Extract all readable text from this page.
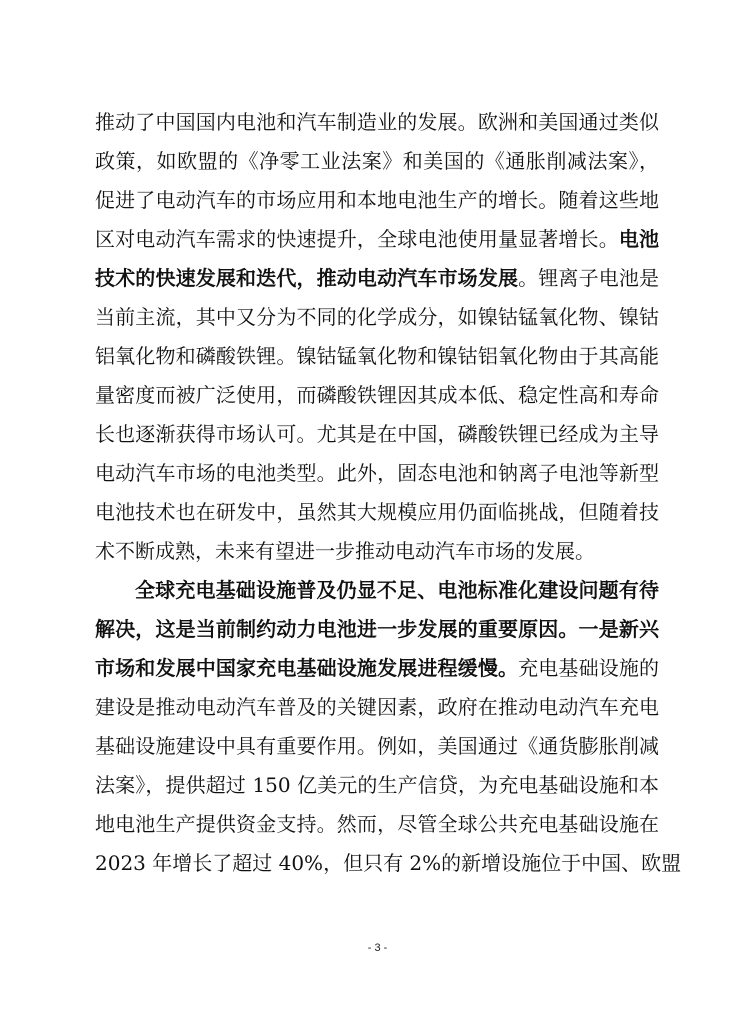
推动了中国国内电池和汽车制造业的发展。欧洲和美国通过类似
政策，如欧盟的《净零工业法案》和美国的《通胀削减法案》，
促进了电动汽车的市场应用和本地电池生产的增长。随着这些地
区对电动汽车需求的快速提升，全球电池使用量显著增长。电池
技术的快速发展和迭代，推动电动汽车市场发展。锂离子电池是
当前主流，其中又分为不同的化学成分，如镍钴锰氧化物、镍钴
铝氧化物和磷酸铁锂。镍钴锰氧化物和镍钴铝氧化物由于其高能
量密度而被广泛使用，而磷酸铁锂因其成本低、稳定性高和寿命
长也逐渐获得市场认可。尤其是在中国，磷酸铁锂已经成为主导
电动汽车市场的电池类型。此外，固态电池和钠离子电池等新型
电池技术也在研发中，虽然其大规模应用仍面临挑战，但随着技
术不断成熟，未来有望进一步推动电动汽车市场的发展。
全球充电基础设施普及仍显不足、电池标准化建设问题有待
解决，这是当前制约动力电池进一步发展的重要原因。一是新兴
市场和发展中国家充电基础设施发展进程缓慢。充电基础设施的
建设是推动电动汽车普及的关键因素，政府在推动电动汽车充电
基础设施建设中具有重要作用。例如，美国通过《通货膨胀削减
法案》，提供超过 150 亿美元的生产信贷，为充电基础设施和本
地电池生产提供资金支持。然而，尽管全球公共充电基础设施在
2023 年增长了超过 40%，但只有 2%的新增设施位于中国、欧盟
- 3 -
